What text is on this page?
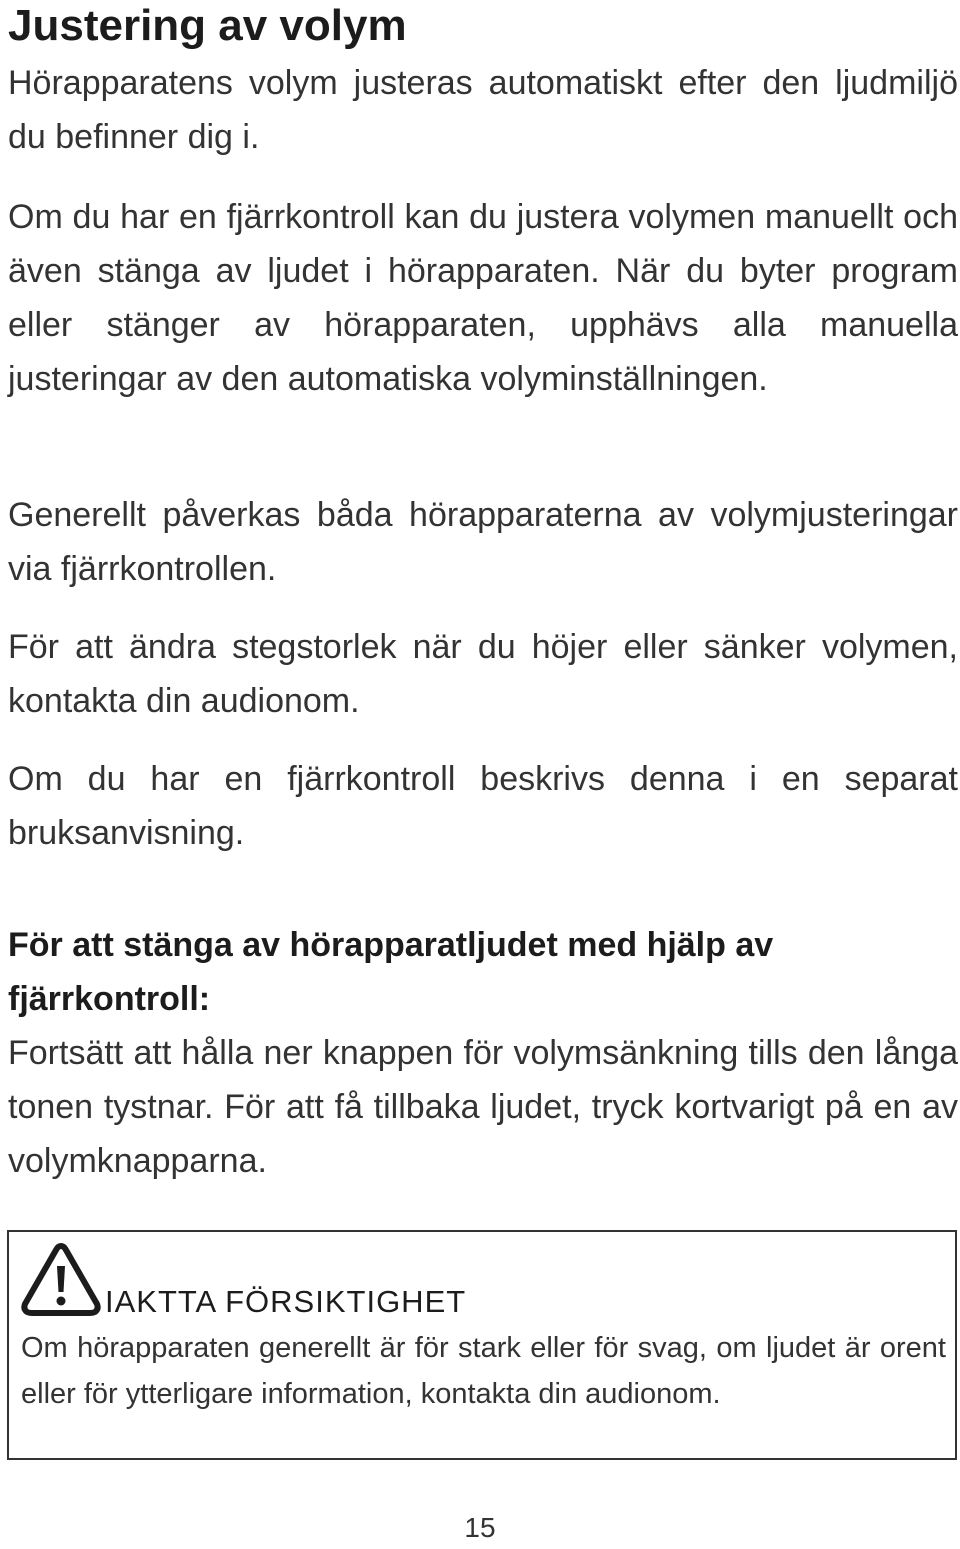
Justering av volym

Hörapparatens volym justeras automatiskt efter den ljudmiljö du befinner dig i.

Om du har en fjärrkontroll kan du justera volymen manuellt och även stänga av ljudet i hörapparaten. När du byter program eller stänger av hörapparaten, upphävs alla manuella justeringar av den automatiska volyminställningen.

Generellt påverkas båda hörapparaterna av volymjusteringar via fjärrkontrollen.

För att ändra stegstorlek när du höjer eller sänker volymen, kontakta din audionom.

Om du har en fjärrkontroll beskrivs denna i en separat bruksanvisning.

För att stänga av hörapparatljudet med hjälp av fjärrkontroll:

Fortsätt att hålla ner knappen för volymsänkning tills den långa tonen tystnar. För att få tillbaka ljudet, tryck kortvarigt på en av volymknapparna.

IAKTTA FÖRSIKTIGHET

Om hörapparaten generellt är för stark eller för svag, om ljudet är orent eller för ytterligare information, kontakta din audionom.

15
